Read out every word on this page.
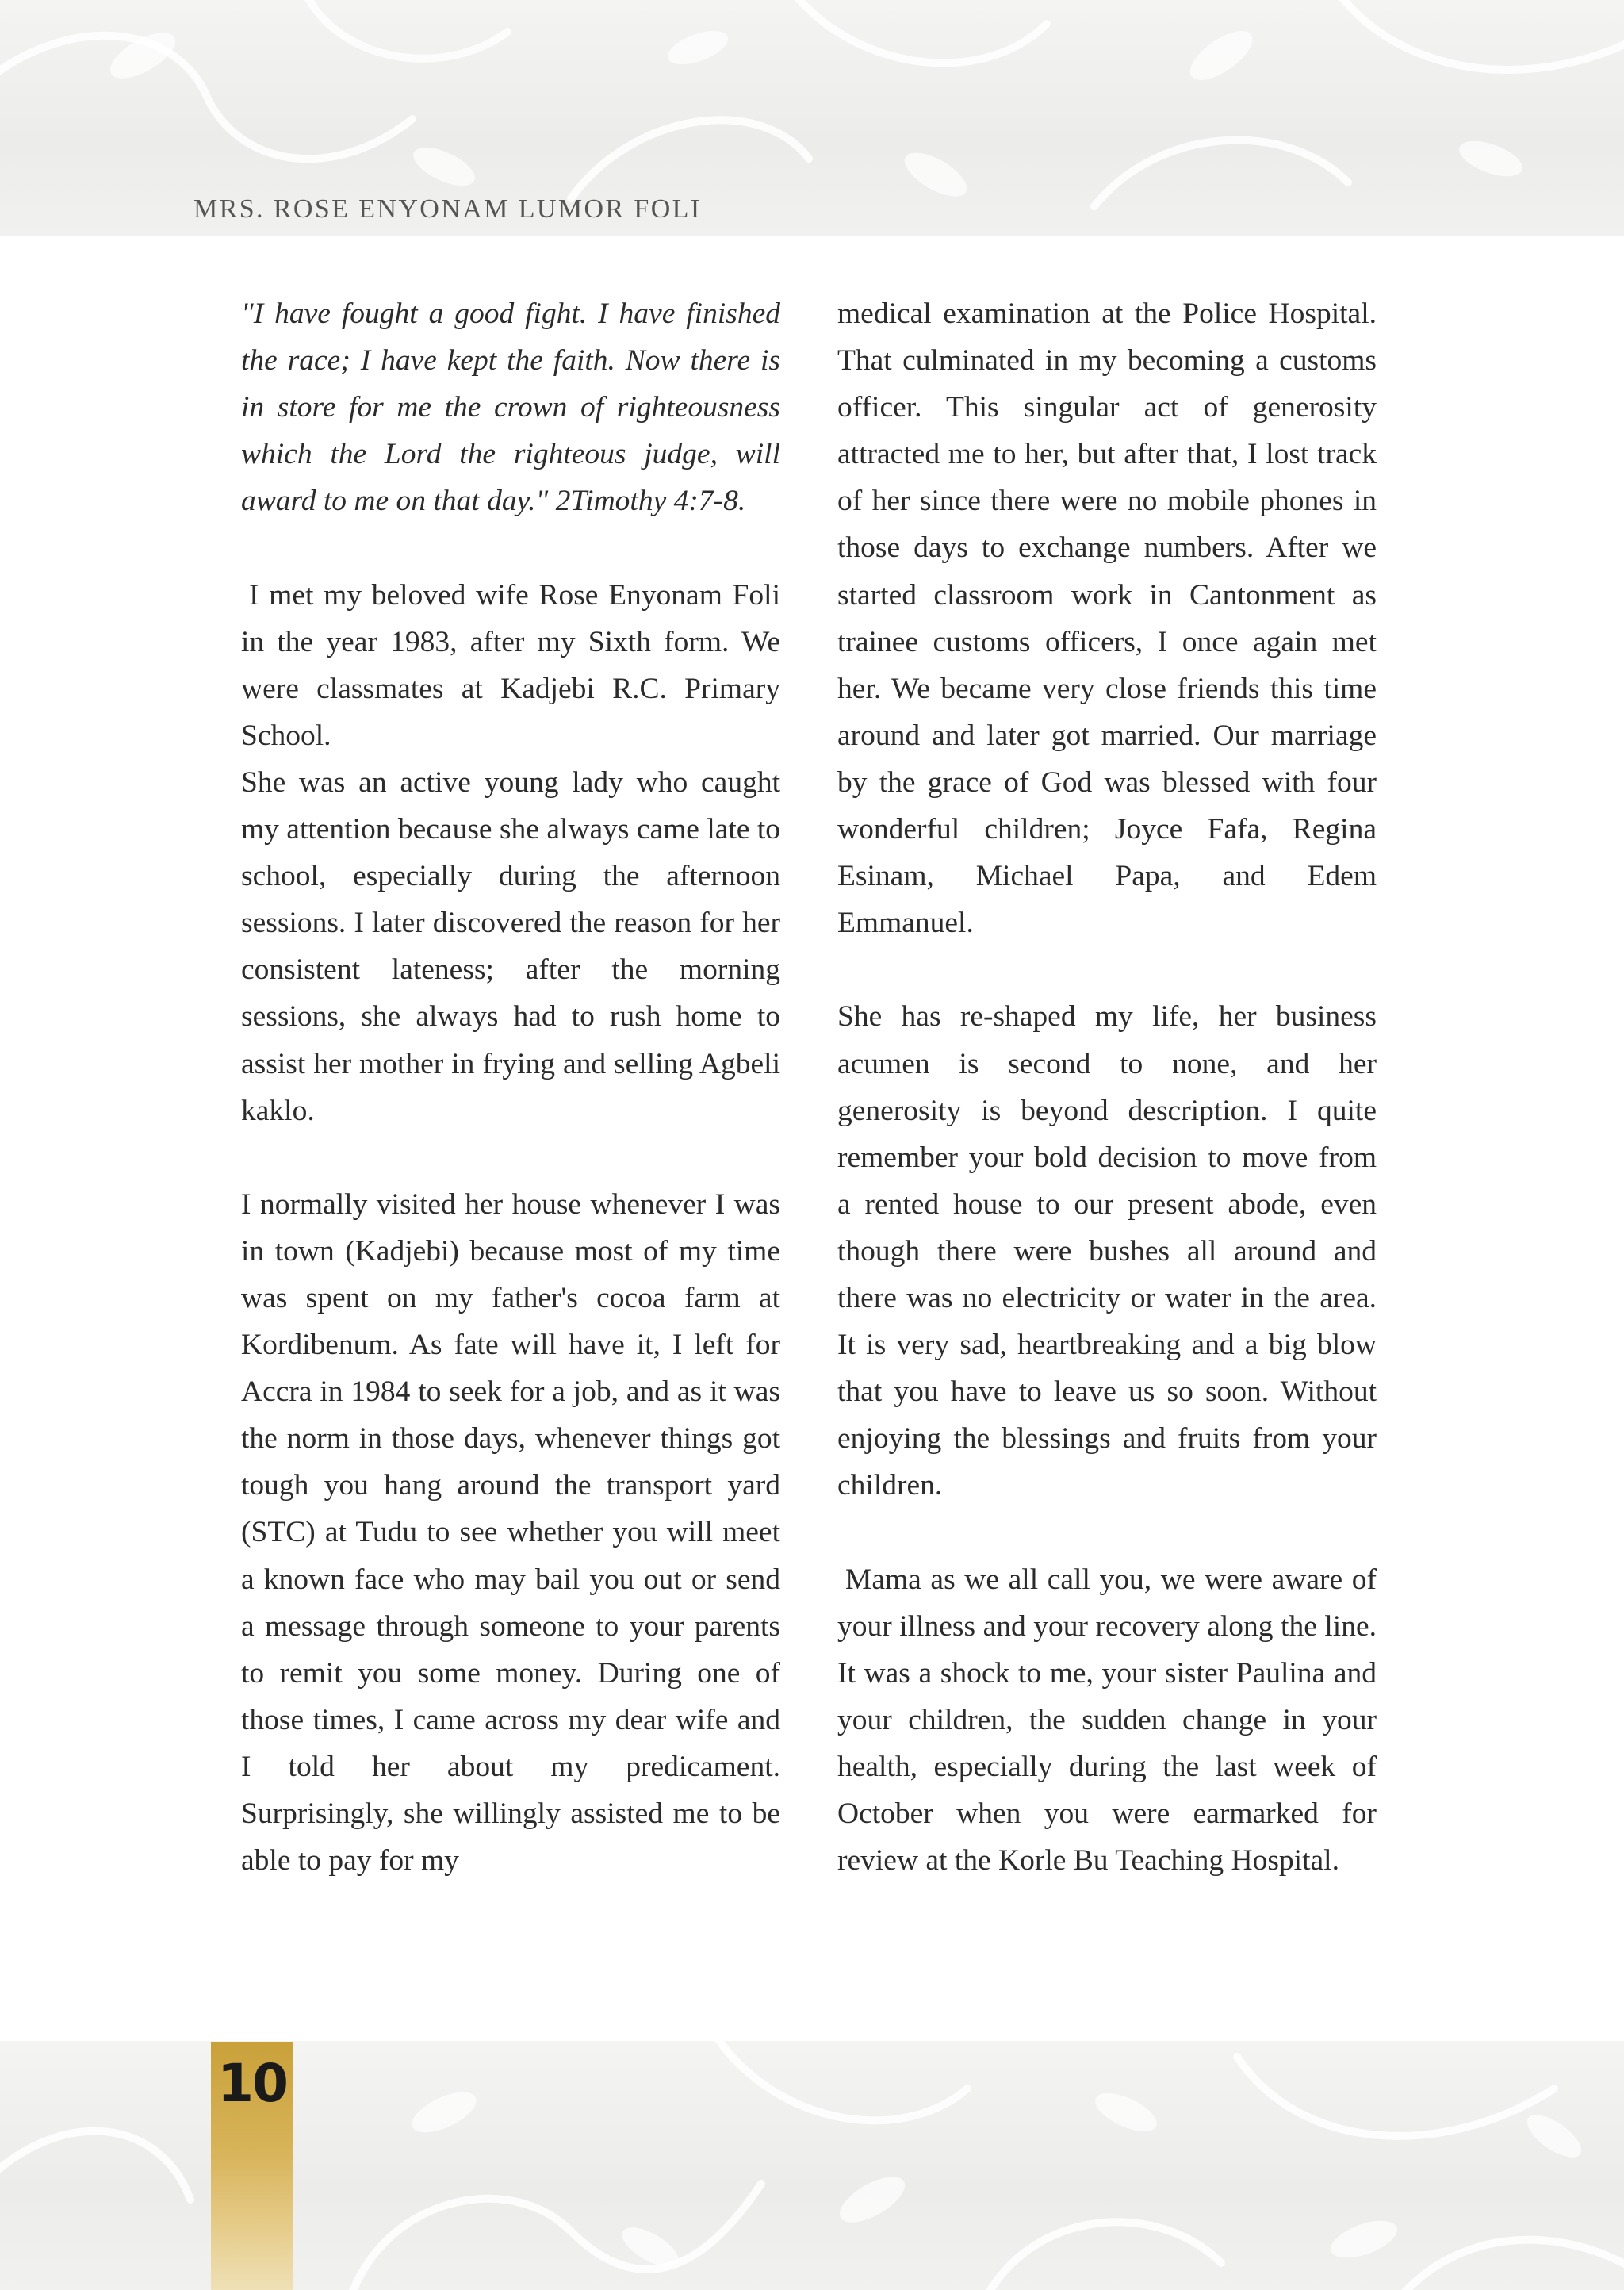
MRS. ROSE ENYONAM LUMOR FOLI

"I have fought a good fight. I have finished the race; I have kept the faith. Now there is in store for me the crown of righteousness which the Lord the righteous judge, will award to me on that day." 2Timothy 4:7-8.

I met my beloved wife Rose Enyonam Foli in the year 1983, after my Sixth form. We were classmates at Kadjebi R.C. Primary School.

She was an active young lady who caught my attention because she always came late to school, especially during the afternoon sessions. I later discovered the reason for her consistent lateness; after the morning sessions, she always had to rush home to assist her mother in frying and selling Agbeli kaklo.

I normally visited her house whenever I was in town (Kadjebi) because most of my time was spent on my father's cocoa farm at Kordibenum. As fate will have it, I left for Accra in 1984 to seek for a job, and as it was the norm in those days, whenever things got tough you hang around the transport yard (STC) at Tudu to see whether you will meet a known face who may bail you out or send a message through someone to your parents to remit you some money. During one of those times, I came across my dear wife and I told her about my predicament. Surprisingly, she willingly assisted me to be able to pay for my

medical examination at the Police Hospital. That culminated in my becoming a customs officer. This singular act of generosity attracted me to her, but after that, I lost track of her since there were no mobile phones in those days to exchange numbers. After we started classroom work in Cantonment as trainee customs officers, I once again met her. We became very close friends this time around and later got married. Our marriage by the grace of God was blessed with four wonderful children; Joyce Fafa, Regina Esinam, Michael Papa, and Edem Emmanuel.

She has re-shaped my life, her business acumen is second to none, and her generosity is beyond description. I quite remember your bold decision to move from a rented house to our present abode, even though there were bushes all around and there was no electricity or water in the area. It is very sad, heartbreaking and a big blow that you have to leave us so soon. Without enjoying the blessings and fruits from your children.

Mama as we all call you, we were aware of your illness and your recovery along the line. It was a shock to me, your sister Paulina and your children, the sudden change in your health, especially during the last week of October when you were earmarked for review at the Korle Bu Teaching Hospital.

10
